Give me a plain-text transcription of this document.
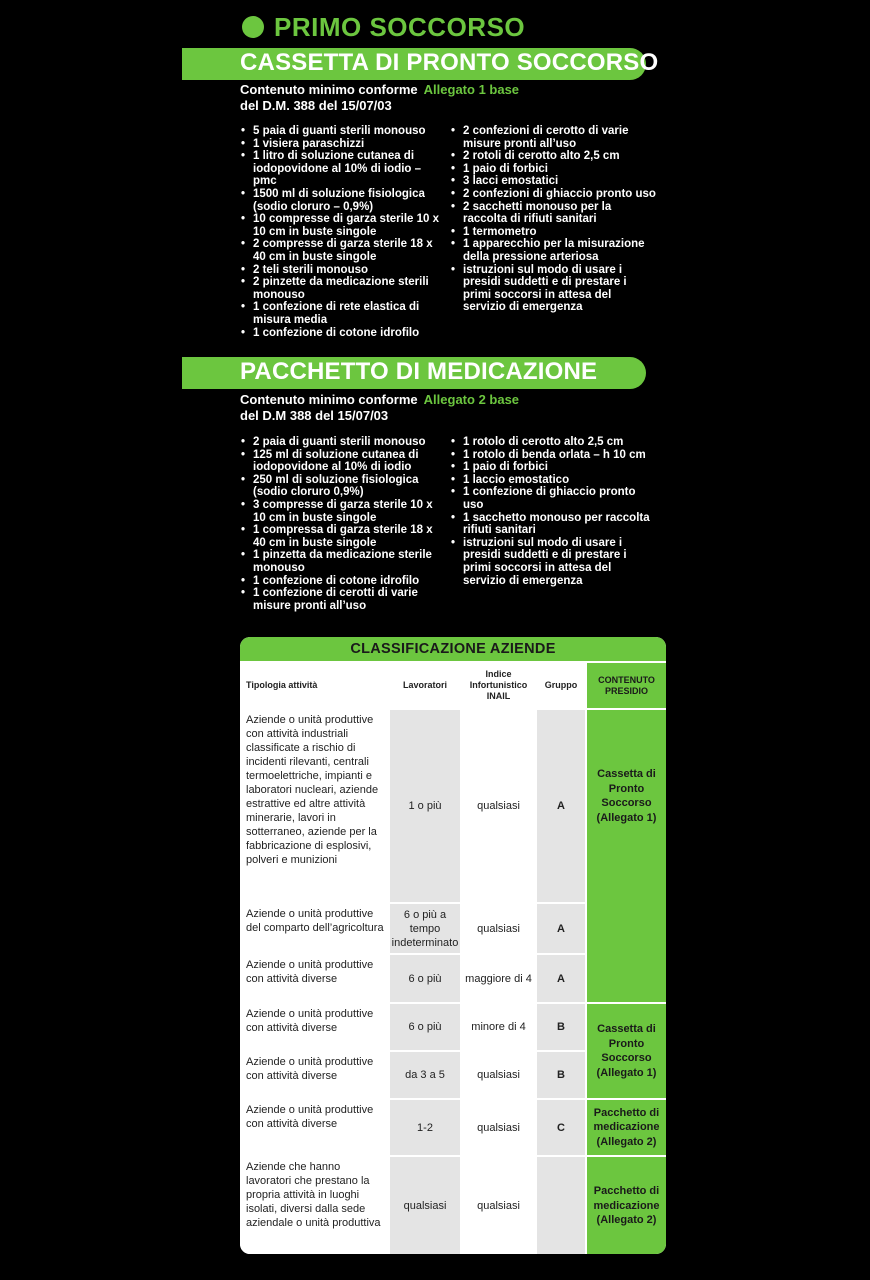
PRIMO SOCCORSO
CASSETTA DI PRONTO SOCCORSO
Contenuto minimo conforme Allegato 1 base
del D.M. 388 del 15/07/03
• 5 paia di guanti sterili monouso
• 1 visiera paraschizzi
• 1 litro di soluzione cutanea di iodopovidone al 10% di iodio – pmc
• 1500 ml di soluzione fisiologica (sodio cloruro – 0,9%)
• 10 compresse di garza sterile 10 x 10 cm in buste singole
• 2 compresse di garza sterile 18 x 40 cm in buste singole
• 2 teli sterili monouso
• 2 pinzette da medicazione sterili monouso
• 1 confezione di rete elastica di misura media
• 1 confezione di cotone idrofilo
• 2 confezioni di cerotto di varie misure pronti all’uso
• 2 rotoli di cerotto alto 2,5 cm
• 1 paio di forbici
• 3 lacci emostatici
• 2 confezioni di ghiaccio pronto uso
• 2 sacchetti monouso per la raccolta di rifiuti sanitari
• 1 termometro
• 1 apparecchio per la misurazione della pressione arteriosa
• istruzioni sul modo di usare i presidi suddetti e di prestare i primi soccorsi in attesa del servizio di emergenza
PACCHETTO DI MEDICAZIONE
Contenuto minimo conforme Allegato 2 base
del D.M 388 del 15/07/03
• 2 paia di guanti sterili monouso
• 125 ml di soluzione cutanea di iodopovidone al 10% di iodio
• 250 ml di soluzione fisiologica (sodio cloruro 0,9%)
• 3 compresse di garza sterile 10 x 10 cm in buste singole
• 1 compressa di garza sterile 18 x 40 cm in buste singole
• 1 pinzetta da medicazione sterile monouso
• 1 confezione di cotone idrofilo
• 1 confezione di cerotti di varie misure pronti all’uso
• 1 rotolo di cerotto alto 2,5 cm
• 1 rotolo di benda orlata – h 10 cm
• 1 paio di forbici
• 1 laccio emostatico
• 1 confezione di ghiaccio pronto uso
• 1 sacchetto monouso per raccolta rifiuti sanitari
• istruzioni sul modo di usare i presidi suddetti e di prestare i primi soccorsi in attesa del servizio di emergenza
CLASSIFICAZIONE AZIENDE
Tipologia attività	Lavoratori	Indice Infortunistico INAIL	Gruppo	CONTENUTO PRESIDIO
Aziende o unità produttive con attività industriali classificate a rischio di incidenti rilevanti, centrali termoelettriche, impianti e laboratori nucleari, aziende estrattive ed altre attività minerarie, lavori in sotterraneo, aziende per la fabbricazione di esplosivi, polveri e munizioni	1 o più	qualsiasi	A	Cassetta di Pronto Soccorso (Allegato 1)
Aziende o unità produttive del comparto dell’agricoltura	6 o più a tempo indeterminato	qualsiasi	A	
Aziende o unità produttive con attività diverse	6 o più	maggiore di 4	A	
Aziende o unità produttive con attività diverse	6 o più	minore di 4	B	Cassetta di Pronto Soccorso (Allegato 1)
Aziende o unità produttive con attività diverse	da 3 a 5	qualsiasi	B	
Aziende o unità produttive con attività diverse	1-2	qualsiasi	C	Pacchetto di medicazione (Allegato 2)
Aziende che hanno lavoratori che prestano la propria attività in luoghi isolati, diversi dalla sede aziendale o unità produttiva	qualsiasi	qualsiasi		Pacchetto di medicazione (Allegato 2)
